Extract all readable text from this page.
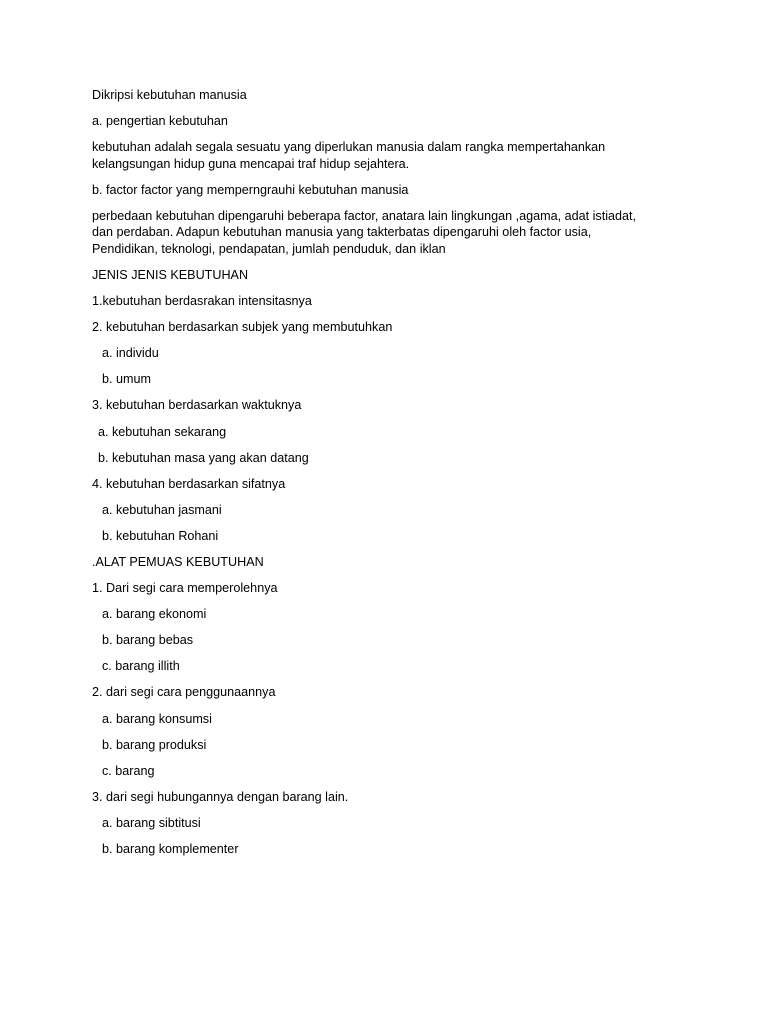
Dikripsi kebutuhan manusia

a. pengertian kebutuhan

kebutuhan adalah segala sesuatu yang diperlukan manusia dalam rangka mempertahankan
kelangsungan hidup guna mencapai traf hidup sejahtera.

b. factor factor yang memperngrauhi kebutuhan manusia

perbedaan kebutuhan dipengaruhi beberapa factor, anatara lain lingkungan ,agama, adat istiadat,
dan perdaban. Adapun kebutuhan manusia yang takterbatas dipengaruhi oleh factor usia,
Pendidikan, teknologi, pendapatan, jumlah penduduk, dan iklan

JENIS JENIS KEBUTUHAN

1.kebutuhan berdasrakan intensitasnya

2. kebutuhan berdasarkan subjek yang membutuhkan

a. individu

b. umum

3. kebutuhan berdasarkan waktuknya

a. kebutuhan sekarang

b. kebutuhan masa yang akan datang

4. kebutuhan berdasarkan sifatnya

a. kebutuhan jasmani

b. kebutuhan Rohani

.ALAT PEMUAS KEBUTUHAN

1. Dari segi cara memperolehnya

a. barang ekonomi

b. barang bebas

c. barang illith

2. dari segi cara penggunaannya

a. barang konsumsi

b. barang produksi

c. barang

3. dari segi hubungannya dengan barang lain.

a. barang sibtitusi

b. barang komplementer
